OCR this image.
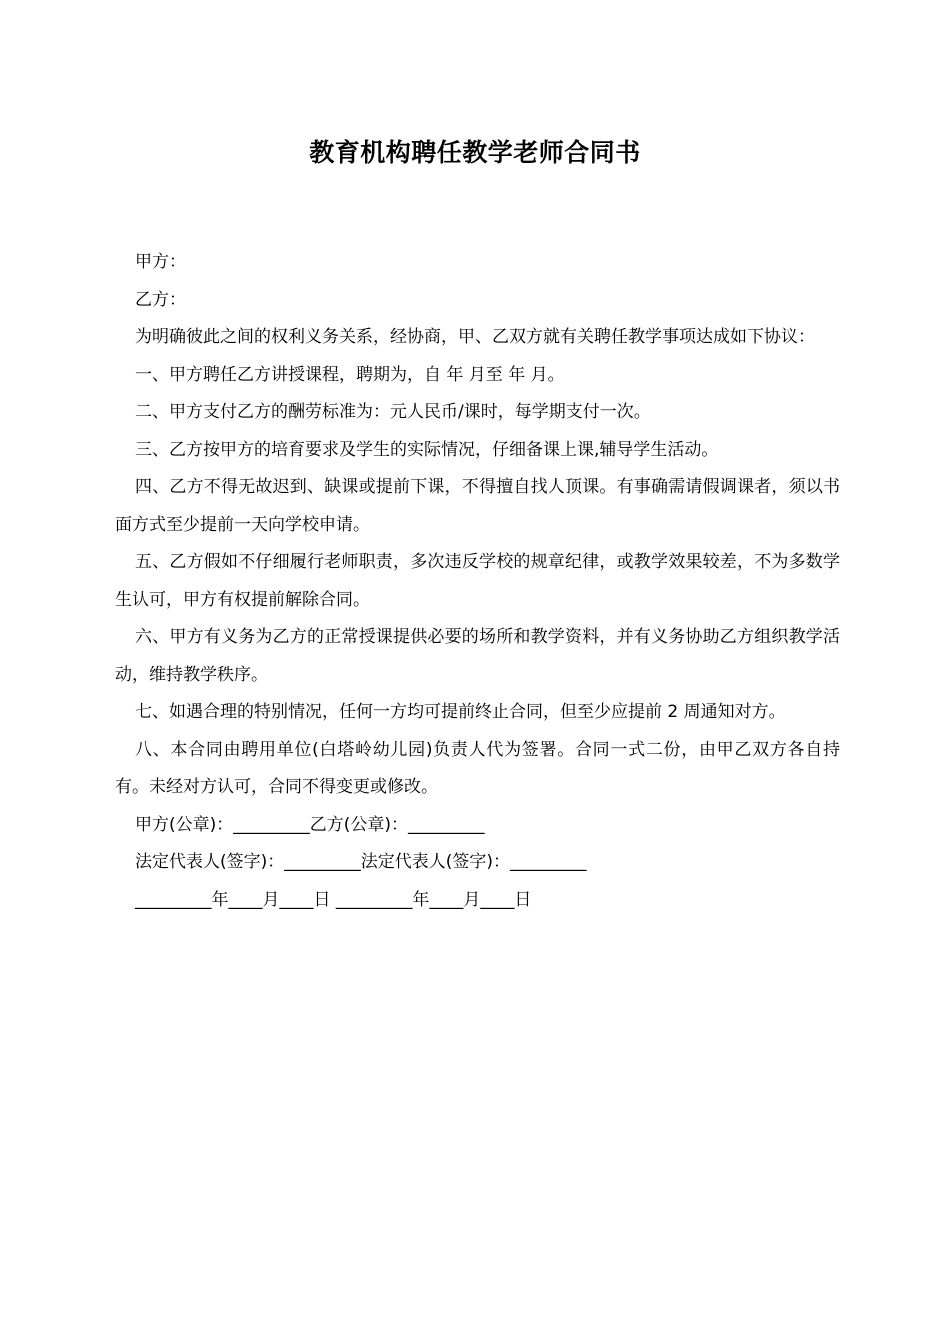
教育机构聘任教学老师合同书

甲方：

乙方：

为明确彼此之间的权利义务关系，经协商，甲、乙双方就有关聘任教学事项达成如下协议：

一、甲方聘任乙方讲授课程，聘期为，自 年 月至 年 月。

二、甲方支付乙方的酬劳标准为：元人民币/课时，每学期支付一次。

三、乙方按甲方的培育要求及学生的实际情况，仔细备课上课,辅导学生活动。

四、乙方不得无故迟到、缺课或提前下课，不得擅自找人顶课。有事确需请假调课者，须以书面方式至少提前一天向学校申请。

五、乙方假如不仔细履行老师职责，多次违反学校的规章纪律，或教学效果较差，不为多数学生认可，甲方有权提前解除合同。

六、甲方有义务为乙方的正常授课提供必要的场所和教学资料，并有义务协助乙方组织教学活动，维持教学秩序。

七、如遇合理的特别情况，任何一方均可提前终止合同，但至少应提前 2 周通知对方。

八、本合同由聘用单位(白塔岭幼儿园)负责人代为签署。合同一式二份，由甲乙双方各自持有。未经对方认可，合同不得变更或修改。

甲方(公章)：_________乙方(公章)：_________

法定代表人(签字)：_________法定代表人(签字)：_________

_________年____月____日 _________年____月____日
